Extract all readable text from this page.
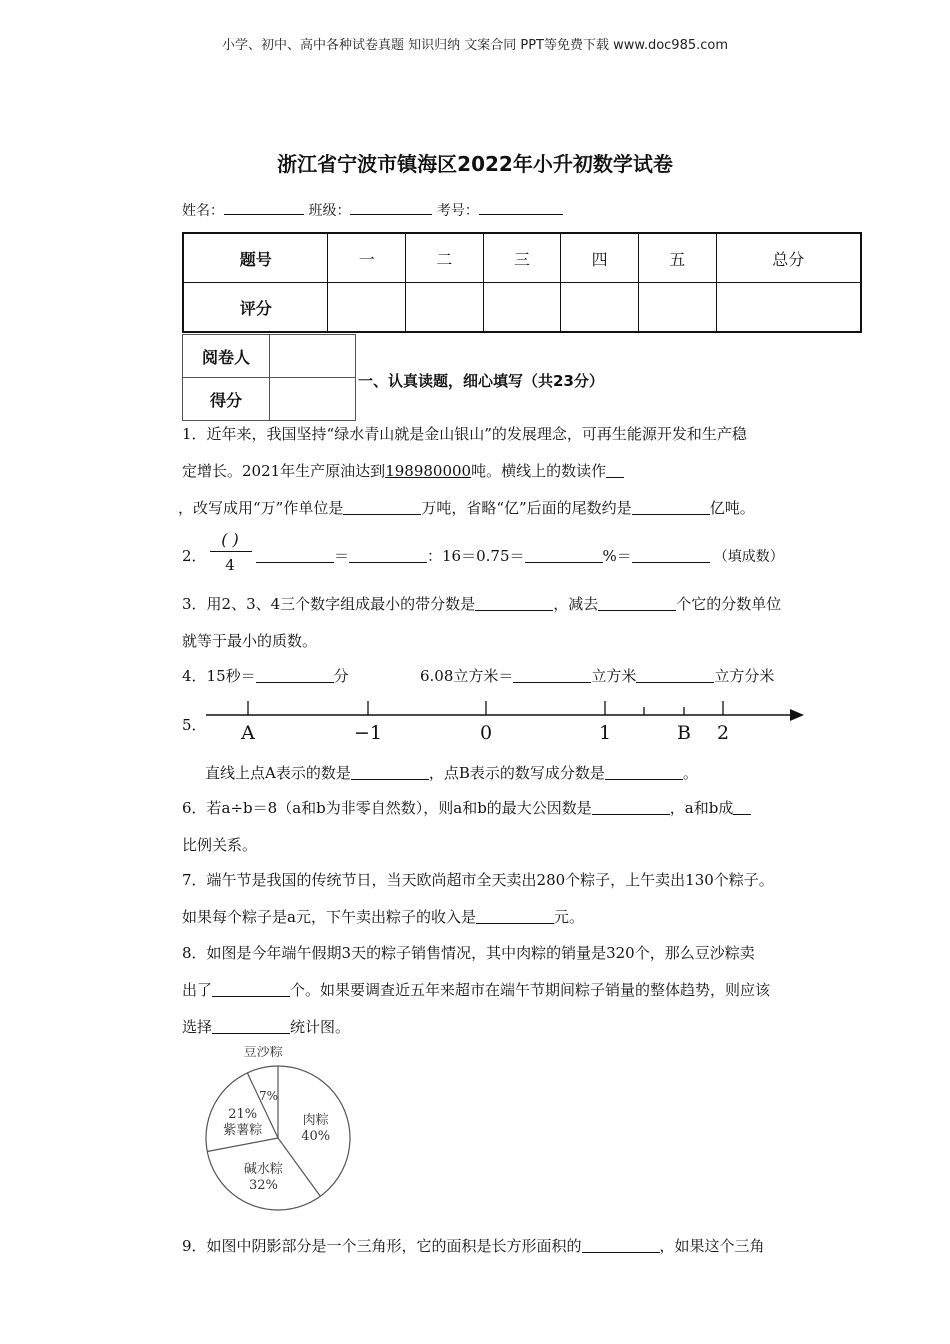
小学、初中、高中各种试卷真题 知识归纳 文案合同 PPT等免费下载 www.doc985.com
浙江省宁波市镇海区2022年小升初数学试卷
姓名：	班级：	考号：
题号	一	二	三	四	五	总分
评分						
阅卷人	
得分	
一、认真读题，细心填写（共23分）
1．近年来，我国坚持“绿水青山就是金山银山”的发展理念，可再生能源开发和生产稳
定增长。2021年生产原油达到198980000吨。横线上的数读作
，改写成用“万”作单位是	万吨，省略“亿”后面的尾数约是	亿吨。
2．
( )
4	＝	：16＝0.75＝	%＝	（填成数）
3．用2、3、4三个数字组成最小的带分数是	，减去	个它的分数单位
就等于最小的质数。
4．15秒＝	分	6.08立方米＝	立方米	立方分米
5． A	−1	0	1	B 2
直线上点A表示的数是	，点B表示的数写成分数是	。
6．若a÷b＝8（a和b为非零自然数），则a和b的最大公因数是	，a和b成
比例关系。
7．端午节是我国的传统节日，当天欧尚超市全天卖出280个粽子，上午卖出130个粽子。
如果每个粽子是a元，下午卖出粽子的收入是	元。
8．如图是今年端午假期3天的粽子销售情况，其中肉粽的销量是320个，那么豆沙粽卖
出了	个。如果要调查近五年来超市在端午节期间粽子销量的整体趋势，则应该
选择	统计图。
肉粽
40%
碱水粽
32%
21%
紫薯粽
豆沙粽
7%
9．如图中阴影部分是一个三角形，它的面积是长方形面积的	，如果这个三角
